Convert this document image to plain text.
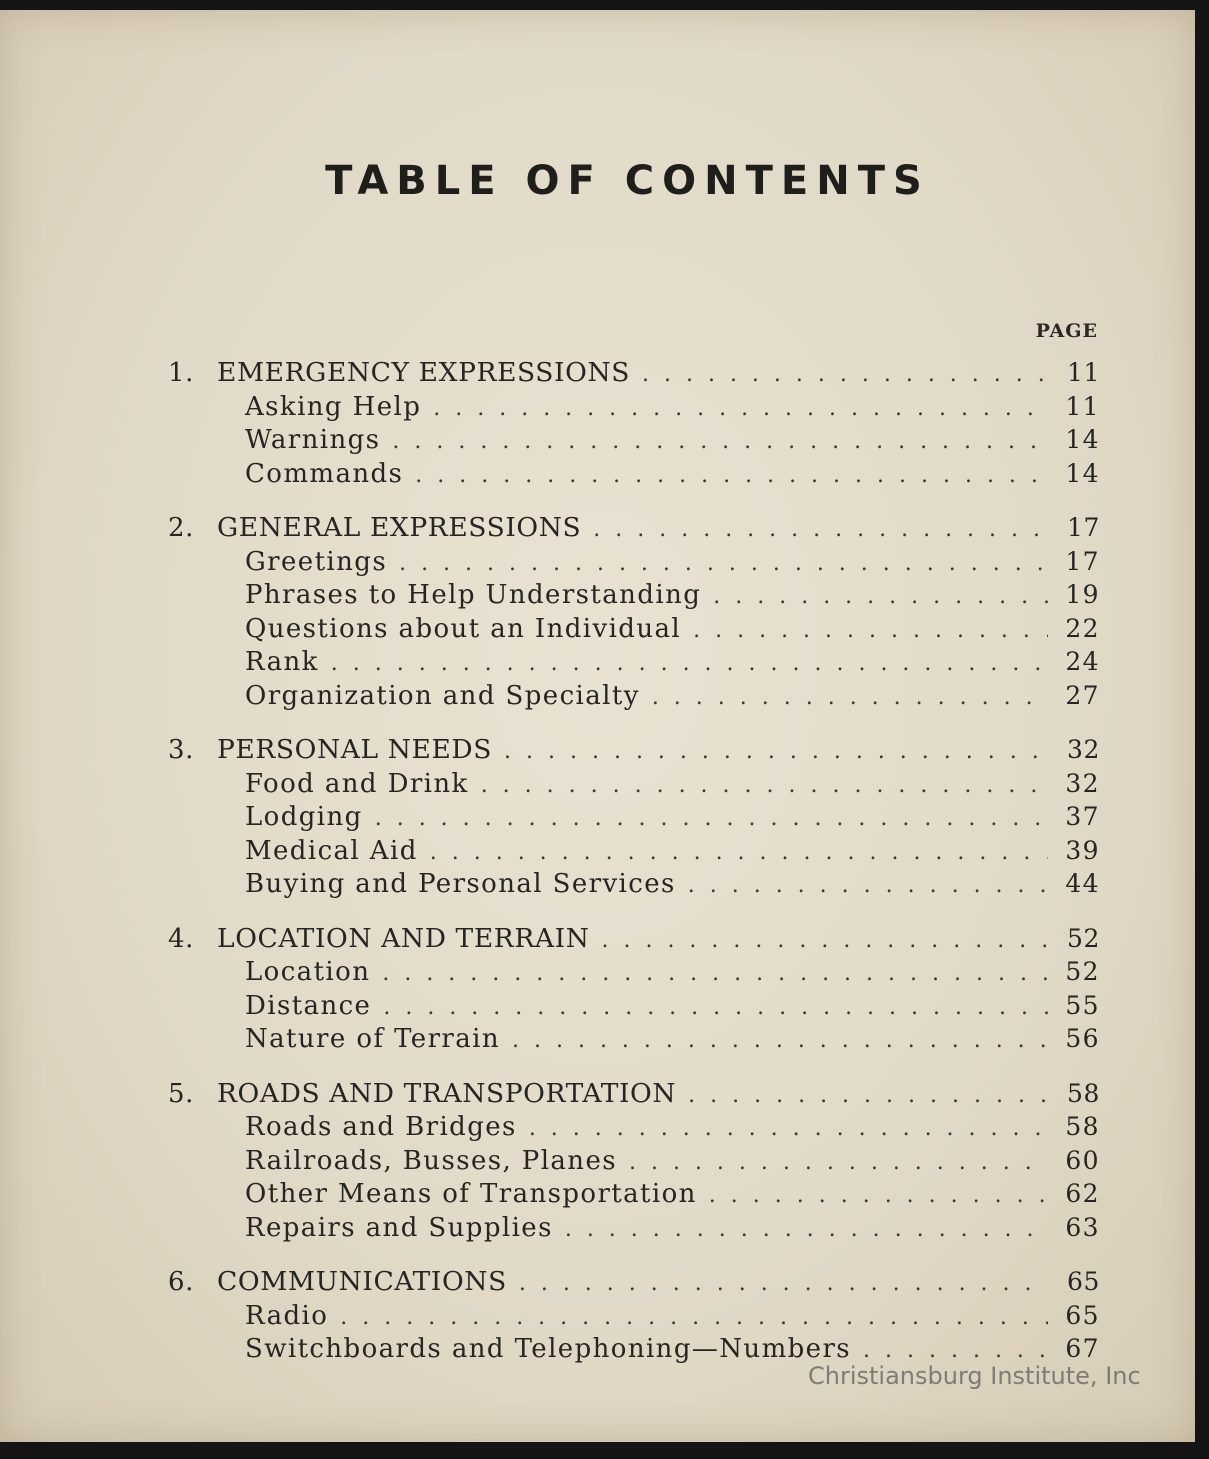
TABLE OF CONTENTS
PAGE
1. EMERGENCY EXPRESSIONS . . .	11
Asking Help . . .	11
Warnings . . .	14
Commands . . .	14
2. GENERAL EXPRESSIONS . . .	17
Greetings . . .	17
Phrases to Help Understanding . . .	19
Questions about an Individual . . .	22
Rank . . .	24
Organization and Specialty . . .	27
3. PERSONAL NEEDS . . .	32
Food and Drink . . .	32
Lodging . . .	37
Medical Aid . . .	39
Buying and Personal Services . . .	44
4. LOCATION AND TERRAIN . . .	52
Location . . .	52
Distance . . .	55
Nature of Terrain . . .	56
5. ROADS AND TRANSPORTATION . . .	58
Roads and Bridges . . .	58
Railroads, Busses, Planes . . .	60
Other Means of Transportation . . .	62
Repairs and Supplies . . .	63
6. COMMUNICATIONS . . .	65
Radio . . .	65
Switchboards and Telephoning—Numbers . . .	67
Christiansburg Institute, Inc
